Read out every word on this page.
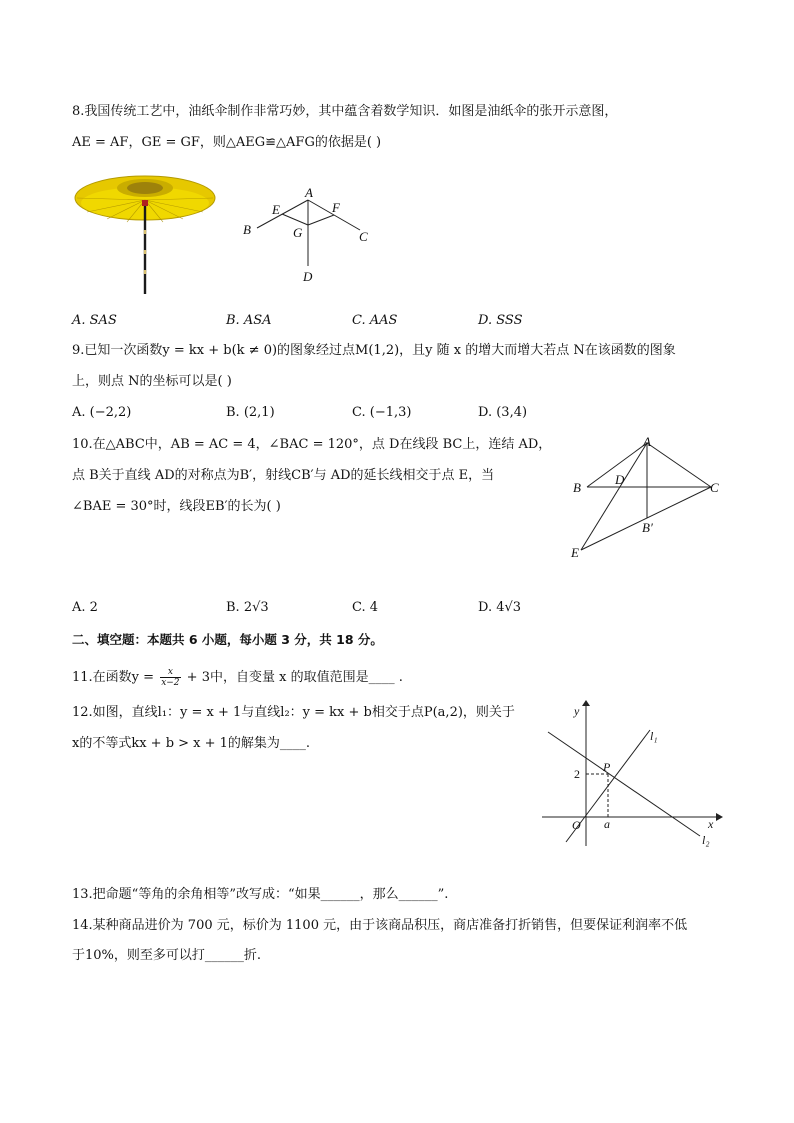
8.我国传统工艺中，油纸伞制作非常巧妙，其中蕴含着数学知识．如图是油纸伞的张开示意图，
AE = AF，GE = GF，则△AEG≌△AFG的依据是( )
A
E	F
B	G	C
D
A. SAS	B. ASA	C. AAS	D. SSS
9.已知一次函数y = kx + b(k ≠ 0)的图象经过点M(1,2)，且y 随 x 的增大而增大若点 N在该函数的图象
上，则点 N的坐标可以是( )
A. (−2,2)	B. (2,1)	C. (−1,3)	D. (3,4)
10.在△ABC中，AB = AC = 4，∠BAC = 120°，点 D在线段 BC上，连结 AD，
点 B关于直线 AD的对称点为B′，射线CB′与 AD的延长线相交于点 E，当
∠BAE = 30°时，线段EB′的长为( )
A
B
D
C
B′
E
A. 2	B. 2√3	C. 4	D. 4√3
二、填空题：本题共 6 小题，每小题 3 分，共 18 分。
11.在函数$y = \frac{x}{x-2} + 3$中，自变量 x 的取值范围是____ .
12.如图，直线l₁：y = x + 1与直线l₂：y = kx + b相交于点P(a,2)，则关于
x的不等式kx + b > x + 1的解集为____.
y
l₁
P
2
O a	x
l₂
13.把命题“等角的余角相等”改写成：“如果______，那么______”.
14.某种商品进价为 700 元，标价为 1100 元，由于该商品积压，商店准备打折销售，但要保证利润率不低
于10%，则至多可以打______折.
